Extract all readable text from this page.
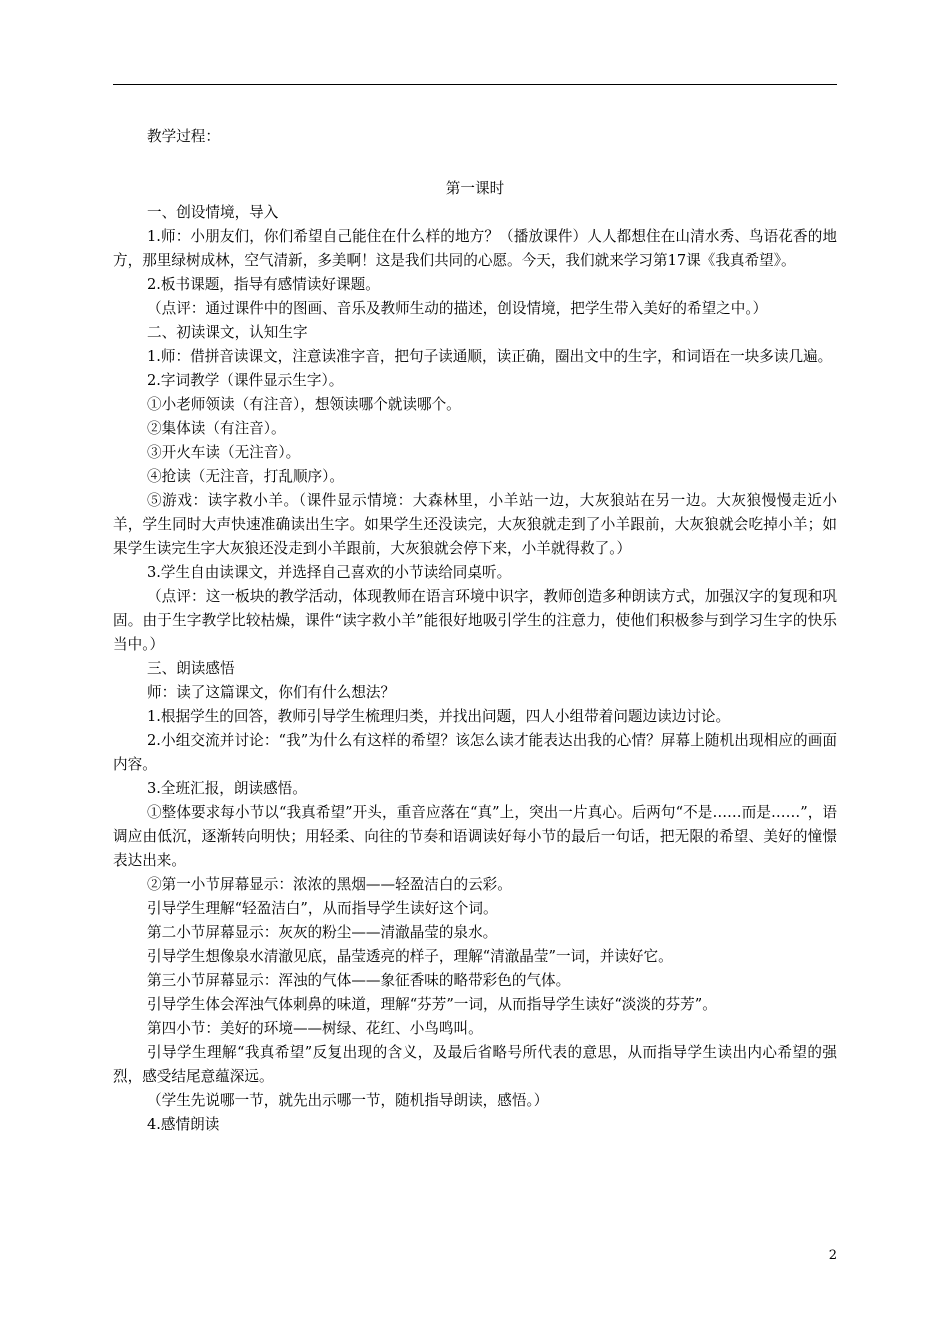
教学过程：

第一课时

一、创设情境，导入

1.师：小朋友们，你们希望自己能住在什么样的地方？（播放课件）人人都想住在山清水秀、鸟语花香的地方，那里绿树成林，空气清新，多美啊！这是我们共同的心愿。今天，我们就来学习第17课《我真希望》。

2.板书课题，指导有感情读好课题。

（点评：通过课件中的图画、音乐及教师生动的描述，创设情境，把学生带入美好的希望之中。）

二、初读课文，认知生字

1.师：借拼音读课文，注意读准字音，把句子读通顺，读正确，圈出文中的生字，和词语在一块多读几遍。

2.字词教学（课件显示生字）。

①小老师领读（有注音），想领读哪个就读哪个。

②集体读（有注音）。

③开火车读（无注音）。

④抢读（无注音，打乱顺序）。

⑤游戏：读字救小羊。（课件显示情境：大森林里，小羊站一边，大灰狼站在另一边。大灰狼慢慢走近小羊，学生同时大声快速准确读出生字。如果学生还没读完，大灰狼就走到了小羊跟前，大灰狼就会吃掉小羊；如果学生读完生字大灰狼还没走到小羊跟前，大灰狼就会停下来，小羊就得救了。）

3.学生自由读课文，并选择自己喜欢的小节读给同桌听。

（点评：这一板块的教学活动，体现教师在语言环境中识字，教师创造多种朗读方式，加强汉字的复现和巩固。由于生字教学比较枯燥，课件“读字救小羊”能很好地吸引学生的注意力，使他们积极参与到学习生字的快乐当中。）

三、朗读感悟

师：读了这篇课文，你们有什么想法？

1.根据学生的回答，教师引导学生梳理归类，并找出问题，四人小组带着问题边读边讨论。

2.小组交流并讨论：“我”为什么有这样的希望？该怎么读才能表达出我的心情？屏幕上随机出现相应的画面内容。

3.全班汇报，朗读感悟。

①整体要求每小节以“我真希望”开头，重音应落在“真”上，突出一片真心。后两句“不是……而是……”，语调应由低沉，逐渐转向明快；用轻柔、向往的节奏和语调读好每小节的最后一句话，把无限的希望、美好的憧憬表达出来。

②第一小节屏幕显示：浓浓的黑烟——轻盈洁白的云彩。

引导学生理解“轻盈洁白”，从而指导学生读好这个词。

第二小节屏幕显示：灰灰的粉尘——清澈晶莹的泉水。

引导学生想像泉水清澈见底，晶莹透亮的样子，理解“清澈晶莹”一词，并读好它。

第三小节屏幕显示：浑浊的气体——象征香味的略带彩色的气体。

引导学生体会浑浊气体刺鼻的味道，理解“芬芳”一词，从而指导学生读好“淡淡的芬芳”。

第四小节：美好的环境——树绿、花红、小鸟鸣叫。

引导学生理解“我真希望”反复出现的含义，及最后省略号所代表的意思，从而指导学生读出内心希望的强烈，感受结尾意蕴深远。

（学生先说哪一节，就先出示哪一节，随机指导朗读，感悟。）

4.感情朗读

2
